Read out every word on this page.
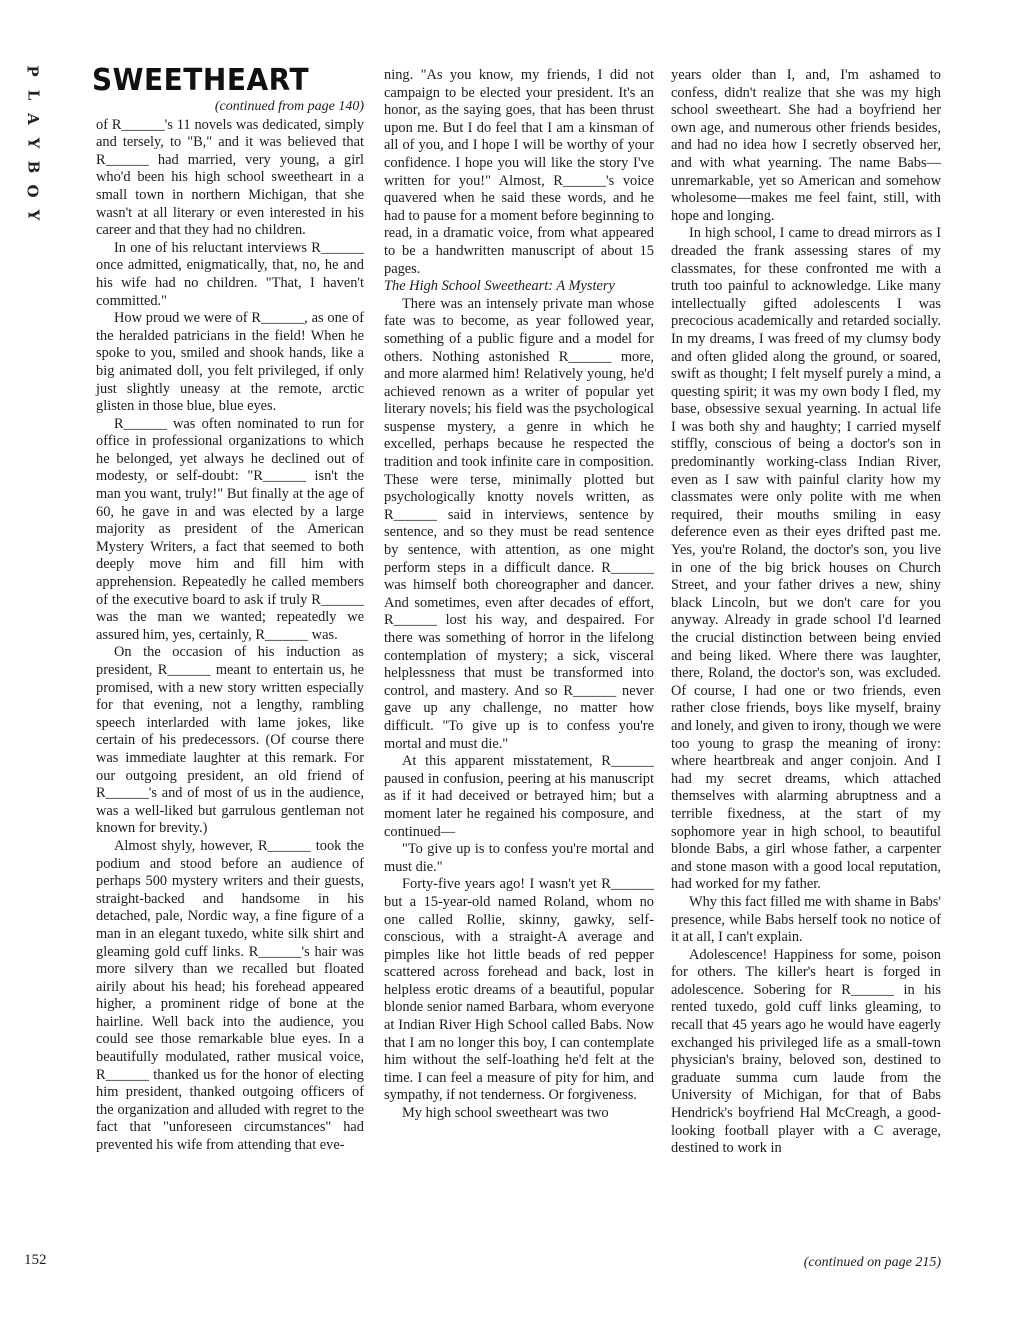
P
L
A
Y
B
O
Y
SWEETHEART

(continued from page 140)

of R______'s 11 novels was dedicated, simply and tersely, to "B," and it was believed that R______ had married, very young, a girl who'd been his high school sweetheart in a small town in northern Michigan, that she wasn't at all literary or even interested in his career and that they had no children.

In one of his reluctant interviews R______ once admitted, enigmatically, that, no, he and his wife had no children. "That, I haven't committed."

How proud we were of R______, as one of the heralded patricians in the field! When he spoke to you, smiled and shook hands, like a big animated doll, you felt privileged, if only just slightly uneasy at the remote, arctic glisten in those blue, blue eyes.

R______ was often nominated to run for office in professional organizations to which he belonged, yet always he declined out of modesty, or self-doubt: "R______ isn't the man you want, truly!" But finally at the age of 60, he gave in and was elected by a large majority as president of the American Mystery Writers, a fact that seemed to both deeply move him and fill him with apprehension. Repeatedly he called members of the executive board to ask if truly R______ was the man we wanted; repeatedly we assured him, yes, certainly, R______ was.

On the occasion of his induction as president, R______ meant to entertain us, he promised, with a new story written especially for that evening, not a lengthy, rambling speech interlarded with lame jokes, like certain of his predecessors. (Of course there was immediate laughter at this remark. For our outgoing president, an old friend of R______'s and of most of us in the audience, was a well-liked but garrulous gentleman not known for brevity.)

Almost shyly, however, R______ took the podium and stood before an audience of perhaps 500 mystery writers and their guests, straight-backed and handsome in his detached, pale, Nordic way, a fine figure of a man in an elegant tuxedo, white silk shirt and gleaming gold cuff links. R______'s hair was more silvery than we recalled but floated airily about his head; his forehead appeared higher, a prominent ridge of bone at the hairline. Well back into the audience, you could see those remarkable blue eyes. In a beautifully modulated, rather musical voice, R______ thanked us for the honor of electing him president, thanked outgoing officers of the organization and alluded with regret to the fact that "unforeseen circumstances" had prevented his wife from attending that eve-

ning. "As you know, my friends, I did not campaign to be elected your president. It's an honor, as the saying goes, that has been thrust upon me. But I do feel that I am a kinsman of all of you, and I hope I will be worthy of your confidence. I hope you will like the story I've written for you!" Almost, R______'s voice quavered when he said these words, and he had to pause for a moment before beginning to read, in a dramatic voice, from what appeared to be a handwritten manuscript of about 15 pages.

The High School Sweetheart: A Mystery

There was an intensely private man whose fate was to become, as year followed year, something of a public figure and a model for others. Nothing astonished R______ more, and more alarmed him! Relatively young, he'd achieved renown as a writer of popular yet literary novels; his field was the psychological suspense mystery, a genre in which he excelled, perhaps because he respected the tradition and took infinite care in composition. These were terse, minimally plotted but psychologically knotty novels written, as R______ said in interviews, sentence by sentence, and so they must be read sentence by sentence, with attention, as one might perform steps in a difficult dance. R______ was himself both choreographer and dancer. And sometimes, even after decades of effort, R______ lost his way, and despaired. For there was something of horror in the lifelong contemplation of mystery; a sick, visceral helplessness that must be transformed into control, and mastery. And so R______ never gave up any challenge, no matter how difficult. "To give up is to confess you're mortal and must die."

At this apparent misstatement, R______ paused in confusion, peering at his manuscript as if it had deceived or betrayed him; but a moment later he regained his composure, and continued—

"To give up is to confess you're mortal and must die."

Forty-five years ago! I wasn't yet R______ but a 15-year-old named Roland, whom no one called Rollie, skinny, gawky, self-conscious, with a straight-A average and pimples like hot little beads of red pepper scattered across forehead and back, lost in helpless erotic dreams of a beautiful, popular blonde senior named Barbara, whom everyone at Indian River High School called Babs. Now that I am no longer this boy, I can contemplate him without the self-loathing he'd felt at the time. I can feel a measure of pity for him, and sympathy, if not tenderness. Or forgiveness.

My high school sweetheart was two

years older than I, and, I'm ashamed to confess, didn't realize that she was my high school sweetheart. She had a boyfriend her own age, and numerous other friends besides, and had no idea how I secretly observed her, and with what yearning. The name Babs—unremarkable, yet so American and somehow wholesome—makes me feel faint, still, with hope and longing.

In high school, I came to dread mirrors as I dreaded the frank assessing stares of my classmates, for these confronted me with a truth too painful to acknowledge. Like many intellectually gifted adolescents I was precocious academically and retarded socially. In my dreams, I was freed of my clumsy body and often glided along the ground, or soared, swift as thought; I felt myself purely a mind, a questing spirit; it was my own body I fled, my base, obsessive sexual yearning. In actual life I was both shy and haughty; I carried myself stiffly, conscious of being a doctor's son in predominantly working-class Indian River, even as I saw with painful clarity how my classmates were only polite with me when required, their mouths smiling in easy deference even as their eyes drifted past me. Yes, you're Roland, the doctor's son, you live in one of the big brick houses on Church Street, and your father drives a new, shiny black Lincoln, but we don't care for you anyway. Already in grade school I'd learned the crucial distinction between being envied and being liked. Where there was laughter, there, Roland, the doctor's son, was excluded. Of course, I had one or two friends, even rather close friends, boys like myself, brainy and lonely, and given to irony, though we were too young to grasp the meaning of irony: where heartbreak and anger conjoin. And I had my secret dreams, which attached themselves with alarming abruptness and a terrible fixedness, at the start of my sophomore year in high school, to beautiful blonde Babs, a girl whose father, a carpenter and stone mason with a good local reputation, had worked for my father.

Why this fact filled me with shame in Babs' presence, while Babs herself took no notice of it at all, I can't explain.

Adolescence! Happiness for some, poison for others. The killer's heart is forged in adolescence. Sobering for R______ in his rented tuxedo, gold cuff links gleaming, to recall that 45 years ago he would have eagerly exchanged his privileged life as a small-town physician's brainy, beloved son, destined to graduate summa cum laude from the University of Michigan, for that of Babs Hendrick's boyfriend Hal McCreagh, a good-looking football player with a C average, destined to work in

(continued on page 215)
152
